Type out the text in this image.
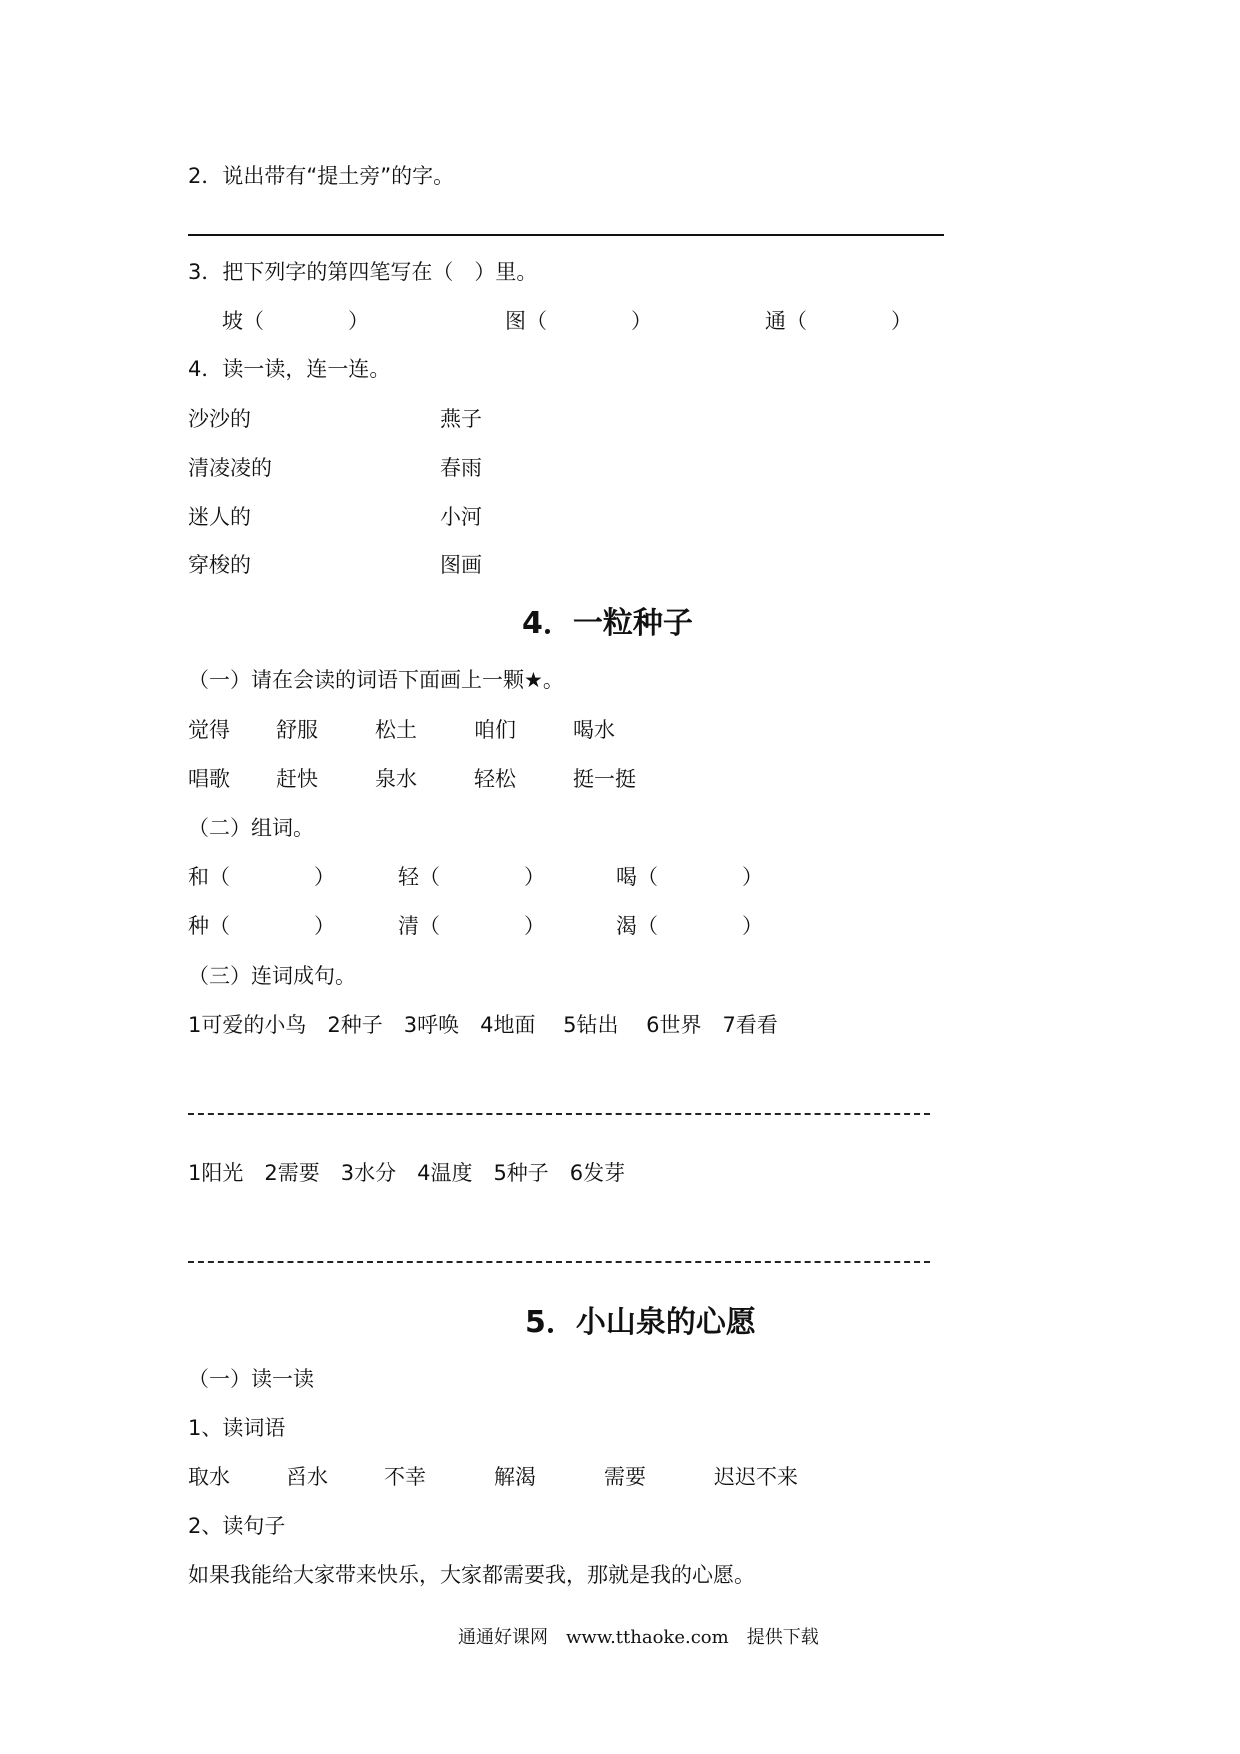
2．说出带有“提土旁”的字。
3．把下列字的第四笔写在（　）里。
坡（　　　　）	图（　　　　）	通（　　　　）
4．读一读，连一连。
沙沙的	燕子
清凌凌的	春雨
迷人的	小河
穿梭的	图画
4．一粒种子
（一）请在会读的词语下面画上一颗★。
觉得 舒服	松土	咱们	喝水
唱歌 赶快	泉水	轻松	挺一挺
（二）组词。
和（　　　　）	轻（　　　　）	喝（　　　　）
种（　　　　）	清（　　　　）	渴（　　　　）
（三）连词成句。
1可爱的小鸟　2种子　3呼唤　4地面　 5钻出　 6世界　7看看
1阳光　2需要　3水分　4温度　5种子　6发芽
5．小山泉的心愿
（一）读一读
1、读词语
取水	舀水	不幸	解渴	需要	迟迟不来
2、读句子
如果我能给大家带来快乐，大家都需要我，那就是我的心愿。
通通好课网　www.tthaoke.com　提供下载
